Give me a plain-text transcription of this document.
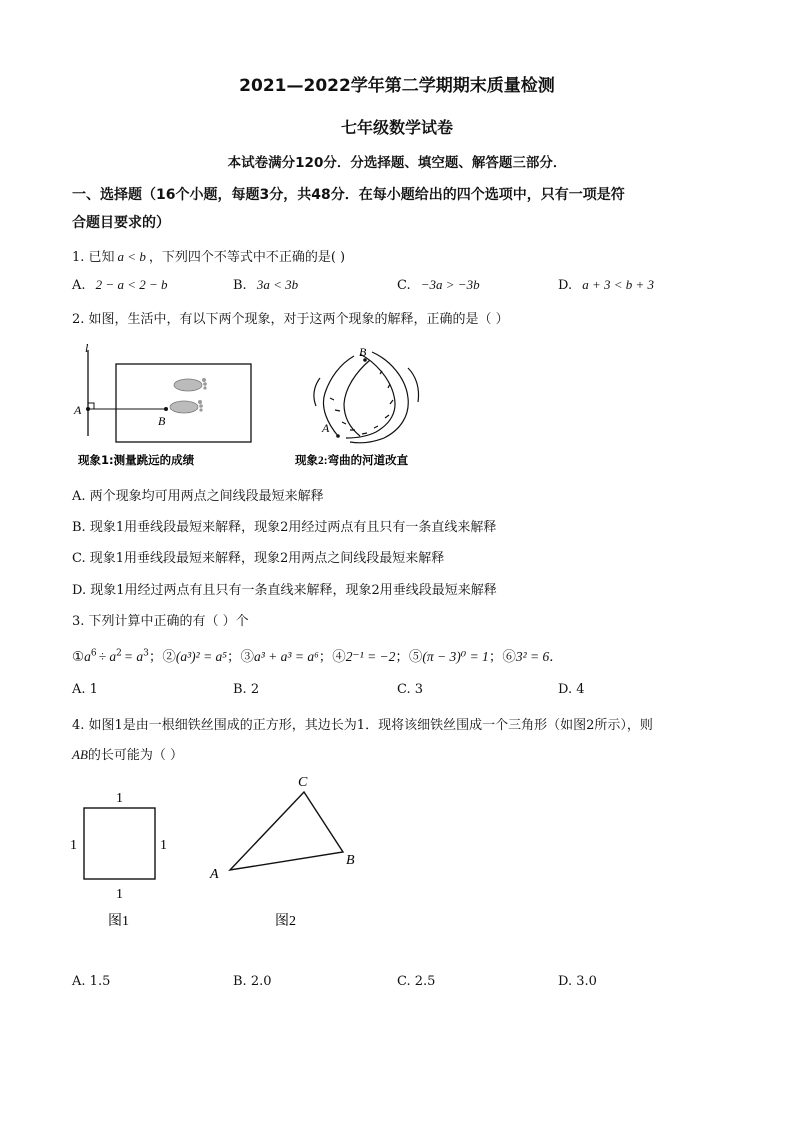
2021—2022学年第二学期期末质量检测
七年级数学试卷
本试卷满分120分．分选择题、填空题、解答题三部分．
一、选择题（16个小题，每题3分，共48分．在每小题给出的四个选项中，只有一项是符
合题目要求的）
1. 已知 a < b ，下列四个不等式中不正确的是( )
A. 2 − a < 2 − b	B. 3a < 3b	C. −3a > −3b	D. a + 3 < b + 3
2. 如图，生活中，有以下两个现象，对于这两个现象的解释，正确的是（ ）
l
A
B
现象1:测量跳远的成绩
B
A
现象2:弯曲的河道改直
A. 两个现象均可用两点之间线段最短来解释
B. 现象1用垂线段最短来解释，现象2用经过两点有且只有一条直线来解释
C. 现象1用垂线段最短来解释，现象2用两点之间线段最短来解释
D. 现象1用经过两点有且只有一条直线来解释，现象2用垂线段最短来解释
3. 下列计算中正确的有（ ）个
$①a^6 \div a^2 = a^3$；②(a³)² = a⁵；③a³ + a³ = a⁶；④2⁻¹ = −2；⑤(π − 3)⁰ = 1；⑥3² = 6．
A. 1	B. 2	C. 3	D. 4
4. 如图1是由一根细铁丝围成的正方形，其边长为1．现将该细铁丝围成一个三角形（如图2所示），则
AB的长可能为（ ）
1
1	1
1
图1
A
B
C
图2
A. 1.5	B. 2.0	C. 2.5	D. 3.0
